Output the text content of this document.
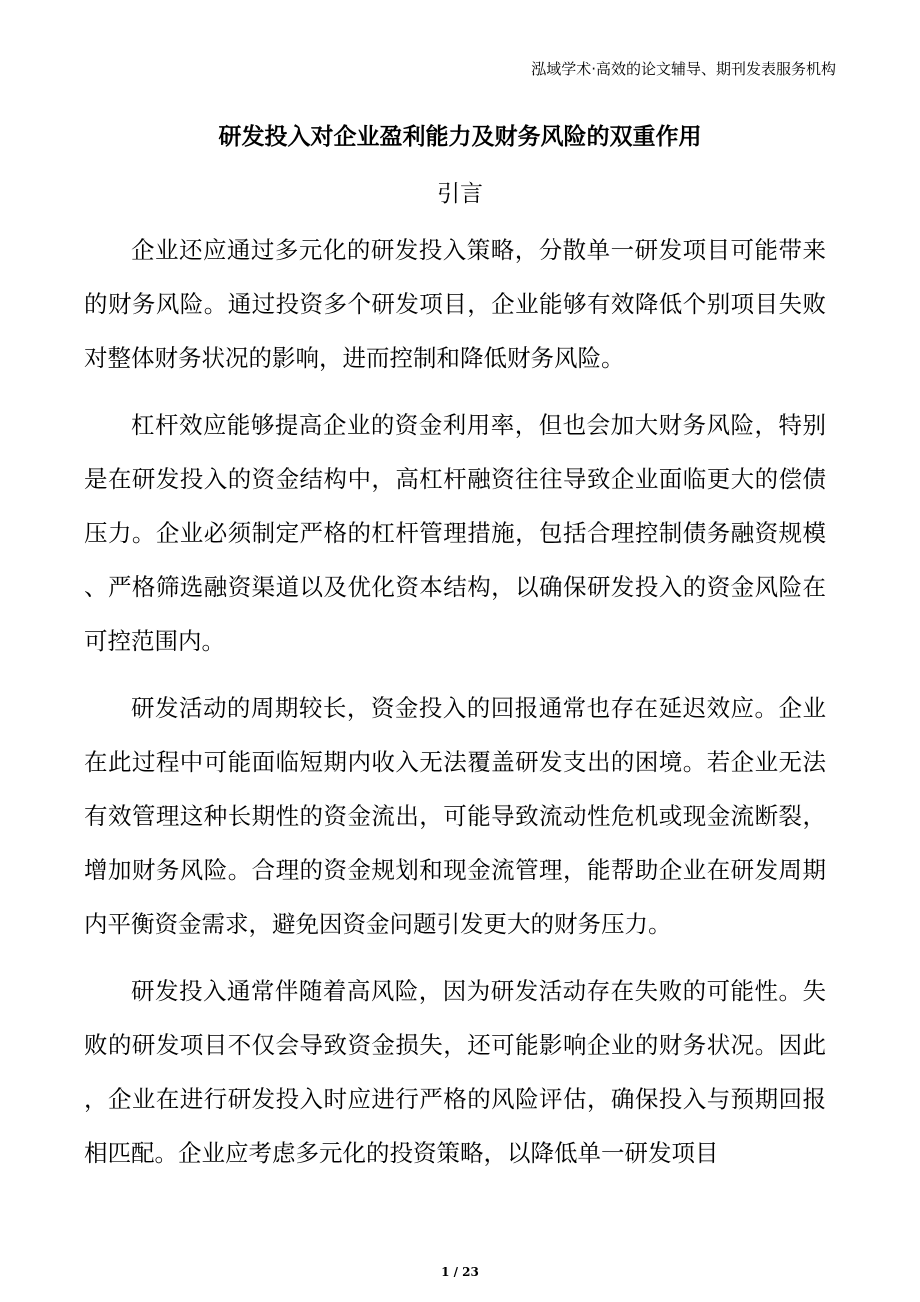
泓域学术·高效的论文辅导、期刊发表服务机构
研发投入对企业盈利能力及财务风险的双重作用
引言

企业还应通过多元化的研发投入策略，分散单一研发项目可能带来的财务风险。通过投资多个研发项目，企业能够有效降低个别项目失败对整体财务状况的影响，进而控制和降低财务风险。

杠杆效应能够提高企业的资金利用率，但也会加大财务风险，特别是在研发投入的资金结构中，高杠杆融资往往导致企业面临更大的偿债压力。企业必须制定严格的杠杆管理措施，包括合理控制债务融资规模、严格筛选融资渠道以及优化资本结构，以确保研发投入的资金风险在可控范围内。

研发活动的周期较长，资金投入的回报通常也存在延迟效应。企业在此过程中可能面临短期内收入无法覆盖研发支出的困境。若企业无法有效管理这种长期性的资金流出，可能导致流动性危机或现金流断裂，增加财务风险。合理的资金规划和现金流管理，能帮助企业在研发周期内平衡资金需求，避免因资金问题引发更大的财务压力。

研发投入通常伴随着高风险，因为研发活动存在失败的可能性。失败的研发项目不仅会导致资金损失，还可能影响企业的财务状况。因此，企业在进行研发投入时应进行严格的风险评估，确保投入与预期回报相匹配。企业应考虑多元化的投资策略，以降低单一研发项目

1 / 23
